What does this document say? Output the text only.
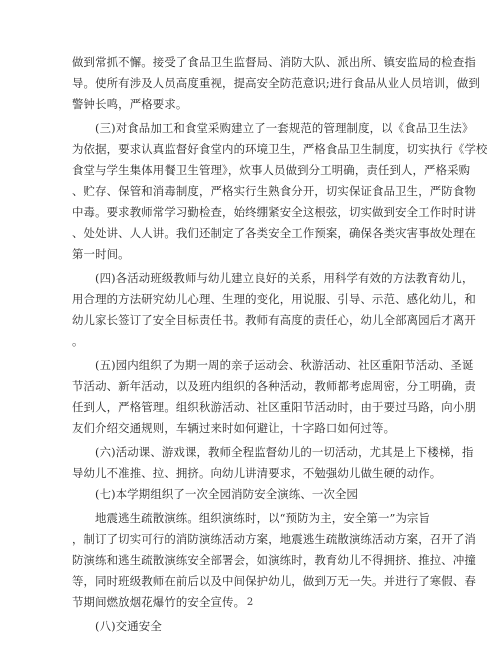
做到常抓不懈。接受了食品卫生监督局、消防大队、派出所、镇安监局的检查指
导。使所有涉及人员高度重视，提高安全防范意识;进行食品从业人员培训，做到
警钟长鸣，严格要求。
(三)对食品加工和食堂采购建立了一套规范的管理制度，以《食品卫生法》
为依据，要求认真监督好食堂内的环境卫生，严格食品卫生制度，切实执行《学校
食堂与学生集体用餐卫生管理》，炊事人员做到分工明确，责任到人，严格采购
、贮存、保管和消毒制度，严格实行生熟食分开，切实保证食品卫生，严防食物
中毒。要求教师常学习勤检查，始终绷紧安全这根弦，切实做到安全工作时时讲
、处处讲、人人讲。我们还制定了各类安全工作预案，确保各类灾害事故处理在
第一时间。
(四)各活动班级教师与幼儿建立良好的关系，用科学有效的方法教育幼儿，
用合理的方法研究幼儿心理、生理的变化，用说服、引导、示范、感化幼儿，和
幼儿家长签订了安全目标责任书。教师有高度的责任心，幼儿全部离园后才离开
。
(五)园内组织了为期一周的亲子运动会、秋游活动、社区重阳节活动、圣诞
节活动、新年活动，以及班内组织的各种活动，教师都考虑周密，分工明确，责
任到人，严格管理。组织秋游活动、社区重阳节活动时，由于要过马路，向小朋
友们介绍交通规则，车辆过来时如何避让，十字路口如何过等。
(六)活动课、游戏课，教师全程监督幼儿的一切活动，尤其是上下楼梯，指
导幼儿不准推、拉、拥挤。向幼儿讲清要求，不勉强幼儿做生硬的动作。
(七)本学期组织了一次全园消防安全演练、一次全园
地震逃生疏散演练。组织演练时，以“预防为主，安全第一”为宗旨
，制订了切实可行的消防演练活动方案，地震逃生疏散演练活动方案，召开了消
防演练和逃生疏散演练安全部署会，如演练时，教育幼儿不得拥挤、推拉、冲撞
等，同时班级教师在前后以及中间保护幼儿，做到万无一失。并进行了寒假、春
节期间燃放烟花爆竹的安全宣传。
(八)交通安全
2
